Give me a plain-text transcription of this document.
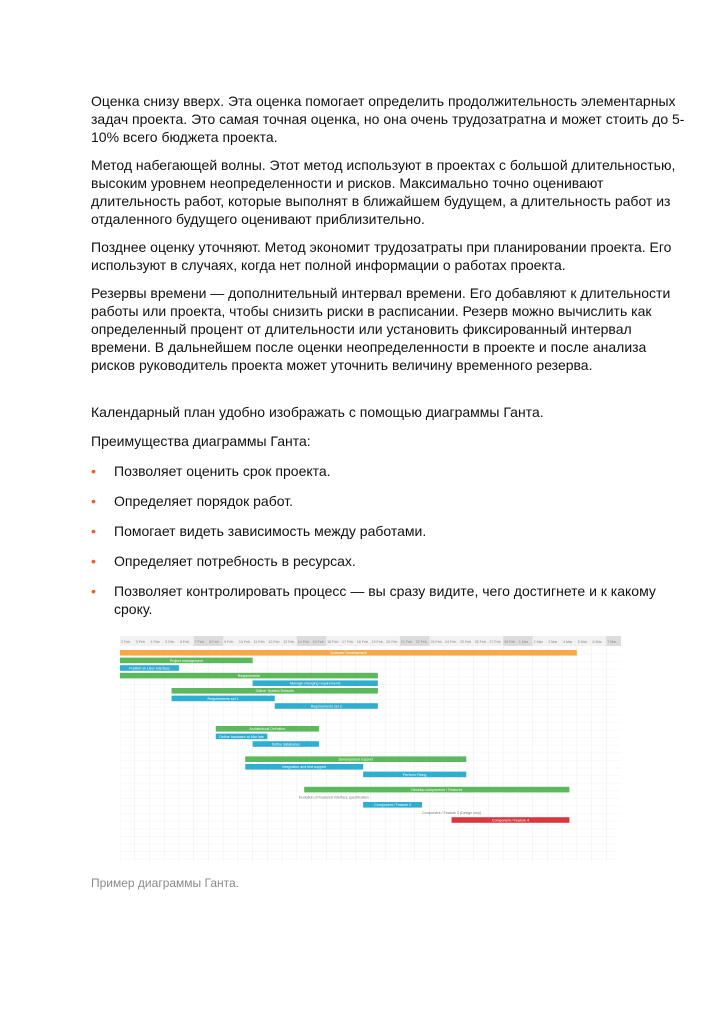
Оценка снизу вверх. Эта оценка помогает определить продолжительность элементарных задач проекта. Это самая точная оценка, но она очень трудозатратна и может стоить до 5-10% всего бюджета проекта.

Метод набегающей волны. Этот метод используют в проектах с большой длительностью, высоким уровнем неопределенности и рисков. Максимально точно оценивают длительность работ, которые выполнят в ближайшем будущем, а длительность работ из отдаленного будущего оценивают приблизительно.

Позднее оценку уточняют. Метод экономит трудозатраты при планировании проекта. Его используют в случаях, когда нет полной информации о работах проекта.

Резервы времени — дополнительный интервал времени. Его добавляют к длительности работы или проекта, чтобы снизить риски в расписании. Резерв можно вычислить как определенный процент от длительности или установить фиксированный интервал времени. В дальнейшем после оценки неопределенности в проекте и после анализа рисков руководитель проекта может уточнить величину временного резерва.

Календарный план удобно изображать с помощью диаграммы Ганта.

Преимущества диаграммы Ганта:

• Позволяет оценить срок проекта.
• Определяет порядок работ.
• Помогает видеть зависимость между работами.
• Определяет потребность в ресурсах.
• Позволяет контролировать процесс — вы сразу видите, чего достигнете и к какому сроку.
2 Feb 3 Feb 4 Feb 5 Feb 6 Feb 7 Feb 8 Feb 9 Feb 10 Feb 11 Feb 12 Feb 13 Feb 14 Feb 15 Feb 16 Feb 17 Feb 18 Feb 19 Feb 20 Feb 21 Feb 22 Feb 23 Feb 24 Feb 25 Feb 26 Feb 27 Feb 28 Feb 1 Mar 2 Mar 3 Mar 4 Mar 5 Mar 6 Mar 7 Mar
Software Development
Project management
Publish on User Interface
Requirements
Manage changing requirements
Gather System Defaults
Requirements set 1
Requirements set 2
Architectural Definition
Define hardware at Mar late
Define databases
Development support
Integration and test support
Perform Fixing
Develop components / Features
Evolution of Featured Interface specification
Component / Feature 2
Component / Feature 3 (Design only)
Component / Feature 4
Пример диаграммы Ганта.
